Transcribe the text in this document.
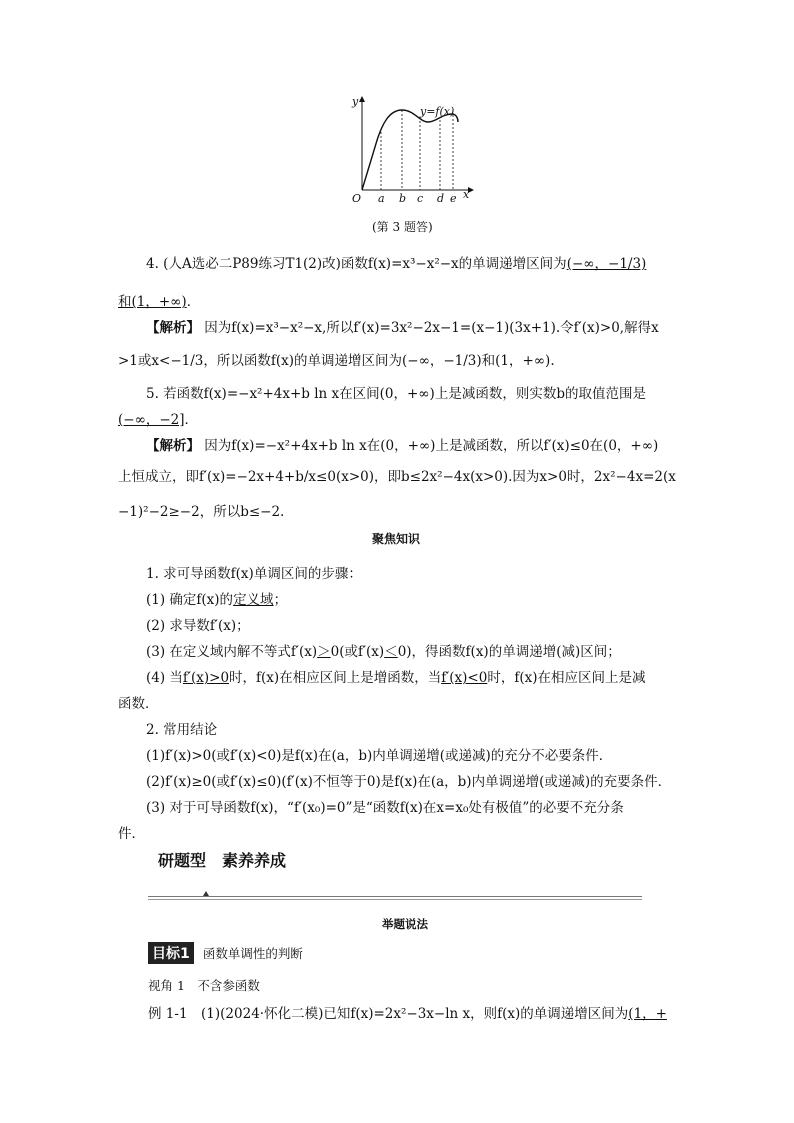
y
x
O
y=f(x)
a b c d e
(第 3 题答)
4. (人A选必二P89练习T1(2)改)函数f(x)=x³−x²−x的单调递增区间为(−∞，−1/3)
和(1，+∞)．
【解析】 因为f(x)=x³−x²−x,所以f′(x)=3x²−2x−1=(x−1)(3x+1).令f′(x)>0,解得x
>1或x<−1/3，所以函数f(x)的单调递增区间为(−∞，−1/3)和(1，+∞).
5. 若函数f(x)=−x²+4x+b ln x在区间(0，+∞)上是减函数，则实数b的取值范围是
(−∞，−2]．
【解析】 因为f(x)=−x²+4x+b ln x在(0，+∞)上是减函数，所以f′(x)≤0在(0，+∞)
上恒成立，即f′(x)=−2x+4+b/x≤0(x>0)，即b≤2x²−4x(x>0).因为x>0时，2x²−4x=2(x
−1)²−2≥−2，所以b≤−2.
聚焦知识
1. 求可导函数f(x)单调区间的步骤：
(1) 确定f(x)的定义域；
(2) 求导数f′(x)；
(3) 在定义域内解不等式f′(x)＞0(或f′(x)＜0)，得函数f(x)的单调递增(减)区间；
(4) 当f′(x)>0时，f(x)在相应区间上是增函数，当f′(x)<0时，f(x)在相应区间上是减
函数．
2. 常用结论
(1)f′(x)>0(或f′(x)<0)是f(x)在(a，b)内单调递增(或递减)的充分不必要条件．
(2)f′(x)≥0(或f′(x)≤0)(f′(x)不恒等于0)是f(x)在(a，b)内单调递增(或递减)的充要条件．
(3) 对于可导函数f(x)，“f′(x₀)=0”是“函数f(x)在x=x₀处有极值”的必要不充分条
件．
研题型　素养养成
举题说法
目标1 函数单调性的判断
视角 1　不含参函数
例 1-1　(1)(2024·怀化二模)已知f(x)=2x²−3x−ln x，则f(x)的单调递增区间为(1，+
